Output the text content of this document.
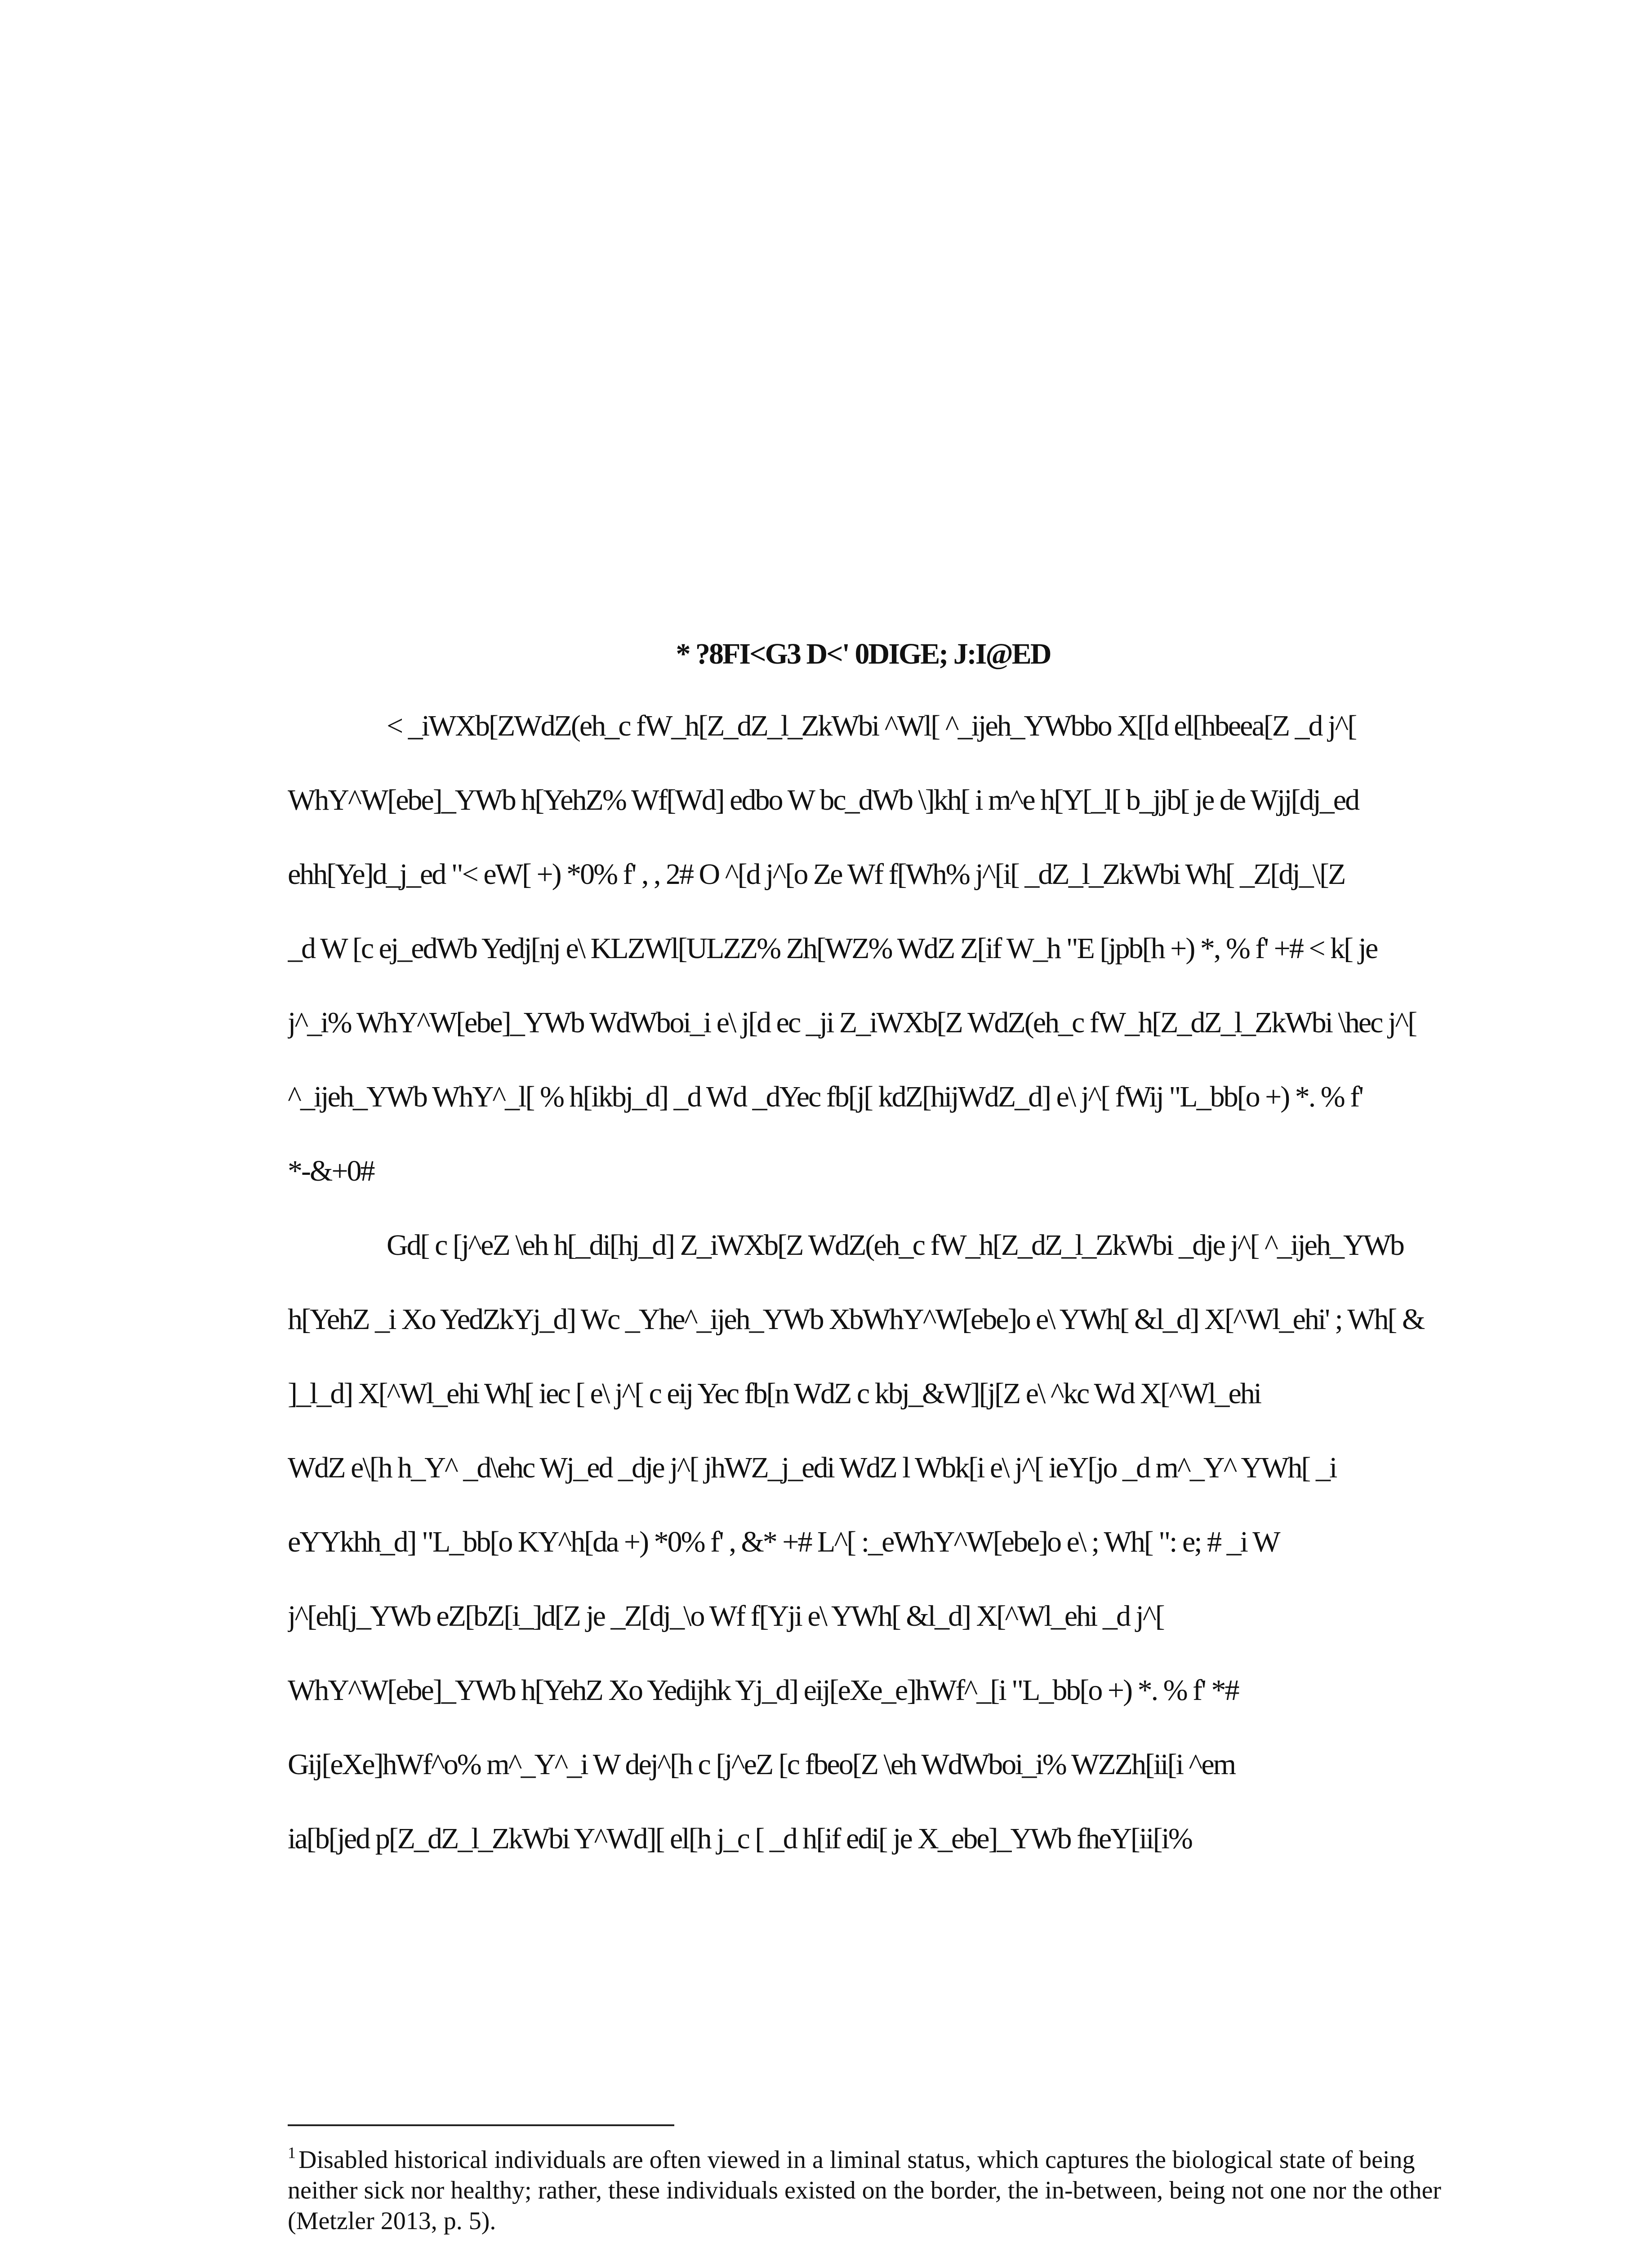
* ?8FI<G3 D<' 0DIGE; J:I@ED
< _iWXb[ZWdZ(eh_c fW_h[Z_dZ_l_ZkWbi ^Wl[ ^_ijeh_YWbbo X[[d el[hbeea[Z _d j^[
WhY^W[ebe]_YWb h[YehZ% Wf[Wd] edbo W bc_dWb \]kh[ i m^e h[Y[_l[ b_jjb[ je de Wjj[dj_ed
ehh[Ye]d_j_ed "< eW[ +) *0% f' , , 2# O ^[d j^[o Ze Wf f[Wh% j^[i[ _dZ_l_ZkWbi Wh[ _Z[dj_\[Z
_d W [c ej_edWb Yedj[nj e\ KLZWl[ULZZ% Zh[WZ% WdZ Z[if W_h "E [jpb[h +) *, % f' +# < k[ je
j^_i% WhY^W[ebe]_YWb WdWboi_i e\ j[d ec _ji Z_iWXb[Z WdZ(eh_c fW_h[Z_dZ_l_ZkWbi \hec j^[
^_ijeh_YWb WhY^_l[ % h[ikbj_d] _d Wd _dYec fb[j[ kdZ[hijWdZ_d] e\ j^[ fWij "L_bb[o +) *. % f'
*-&+0#
Gd[ c [j^eZ \eh h[_di[hj_d] Z_iWXb[Z WdZ(eh_c fW_h[Z_dZ_l_ZkWbi _dje j^[ ^_ijeh_YWb
h[YehZ _i Xo YedZkYj_d] Wc _Yhe^_ijeh_YWb XbWhY^W[ebe]o e\ YWh[ &l_d] X[^Wl_ehi' ; Wh[ &
]_l_d] X[^Wl_ehi Wh[ iec [ e\ j^[ c eij Yec fb[n WdZ c kbj_&W][j[Z e\ ^kc Wd X[^Wl_ehi
WdZ e\[h h_Y^ _d\ehc Wj_ed _dje j^[ jhWZ_j_edi WdZ l Wbk[i e\ j^[ ieY[jo _d m^_Y^ YWh[ _i
eYYkhh_d] "L_bb[o KY^h[da +) *0% f' , &* +# L^[ :_eWhY^W[ebe]o e\ ; Wh[ ": e; # _i W
j^[eh[j_YWb eZ[bZ[i_]d[Z je _Z[dj_\o Wf f[Yji e\ YWh[ &l_d] X[^Wl_ehi _d j^[
WhY^W[ebe]_YWb h[YehZ Xo Yedijhk Yj_d] eij[eXe_e]hWf^_[i "L_bb[o +) *. % f' *#
Gij[eXe]hWf^o% m^_Y^_i W dej^[h c [j^eZ [c fbeo[Z \eh WdWboi_i% WZZh[ii[i ^em
ia[b[jed p[Z_dZ_l_ZkWbi Y^Wd][ el[h j_c [ _d h[if edi[ je X_ebe]_YWb fheY[ii[i%
$^1$ Disabled historical individuals are often viewed in a liminal status, which captures the biological state of being neither sick nor healthy; rather, these individuals existed on the border, the in-between, being not one nor the other (Metzler 2013, p. 5).
